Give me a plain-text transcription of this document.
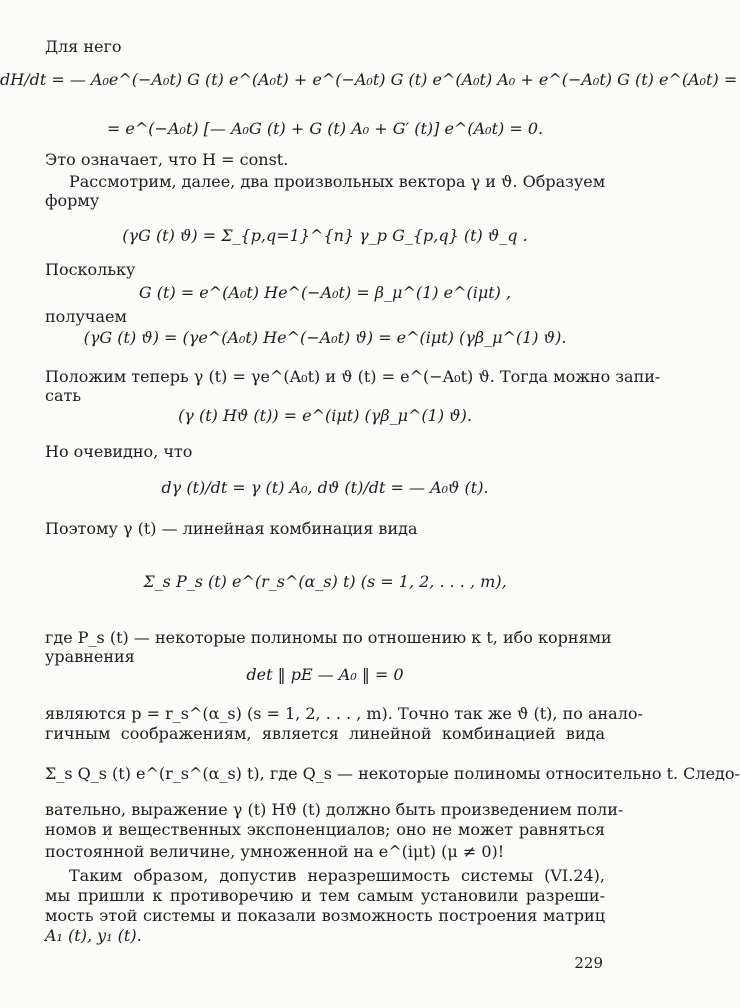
Для него
dH/dt = — A₀e^(−A₀t) G (t) e^(A₀t) + e^(−A₀t) G (t) e^(A₀t) A₀ + e^(−A₀t) G (t) e^(A₀t) =
= e^(−A₀t) [— A₀G (t) + G (t) A₀ + G′ (t)] e^(A₀t) = 0.
Это означает, что H = const.
Рассмотрим, далее, два произвольных вектора γ и ϑ. Образуем
форму
(γG (t) ϑ) = Σ_{p,q=1}^{n} γ_p G_{p,q} (t) ϑ_q .
Поскольку
G (t) = e^(A₀t) He^(−A₀t) = β_μ^(1) e^(iμt) ,
получаем
(γG (t) ϑ) = (γe^(A₀t) He^(−A₀t) ϑ) = e^(iμt) (γβ_μ^(1) ϑ).
Положим теперь γ (t) = γe^(A₀t) и ϑ (t) = e^(−A₀t) ϑ. Тогда можно запи-
сать
(γ (t) Hϑ (t)) = e^(iμt) (γβ_μ^(1) ϑ).
Но очевидно, что
dγ (t)/dt = γ (t) A₀, dϑ (t)/dt = — A₀ϑ (t).
Поэтому γ (t) — линейная комбинация вида
Σ_s P_s (t) e^(r_s^(α_s) t) (s = 1, 2, . . . , m),
где P_s (t) — некоторые полиномы по отношению к t, ибо корнями
уравнения
det ‖ pE — A₀ ‖ = 0
являются p = r_s^(α_s) (s = 1, 2, . . . , m). Точно так же ϑ (t), по анало-
гичным соображениям, является линейной комбинацией вида
Σ_s Q_s (t) e^(r_s^(α_s) t), где Q_s — некоторые полиномы относительно t. Следо-
вательно, выражение γ (t) Hϑ (t) должно быть произведением поли-
номов и вещественных экспоненциалов; оно не может равняться
постоянной величине, умноженной на e^(iμt) (μ ≠ 0)!
Таким образом, допустив неразрешимость системы (VI.24),
мы пришли к противоречию и тем самым установили разреши-
мость этой системы и показали возможность построения матриц
A₁ (t), y₁ (t).
229
